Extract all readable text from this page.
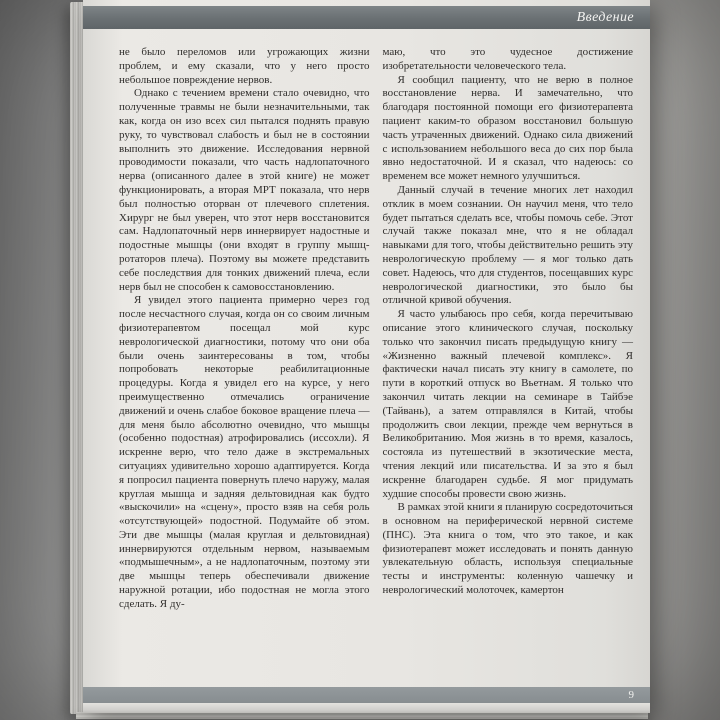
Введение

не было переломов или угрожающих жизни проблем, и ему сказали, что у него просто небольшое повреждение нервов.

Однако с течением времени стало очевидно, что полученные травмы не были незначительными, так как, когда он изо всех сил пытался поднять правую руку, то чувствовал слабость и был не в состоянии выполнить это движение. Исследования нервной проводимости показали, что часть надлопаточного нерва (описанного далее в этой книге) не может функционировать, а вторая МРТ показала, что нерв был полностью оторван от плечевого сплетения. Хирург не был уверен, что этот нерв восстановится сам. Надлопаточный нерв иннервирует надостные и подостные мышцы (они входят в группу мышц-ротаторов плеча). Поэтому вы можете представить себе последствия для тонких движений плеча, если нерв был не способен к самовосстановлению.

Я увидел этого пациента примерно через год после несчастного случая, когда он со своим личным физиотерапевтом посещал мой курс неврологической диагностики, потому что они оба были очень заинтересованы в том, чтобы попробовать некоторые реабилитационные процедуры. Когда я увидел его на курсе, у него преимущественно отмечались ограничение движений и очень слабое боковое вращение плеча — для меня было абсолютно очевидно, что мышцы (особенно подостная) атрофировались (иссохли). Я искренне верю, что тело даже в экстремальных ситуациях удивительно хорошо адаптируется. Когда я попросил пациента повернуть плечо наружу, малая круглая мышца и задняя дельтовидная как будто «выскочили» на «сцену», просто взяв на себя роль «отсутствующей» подостной. Подумайте об этом. Эти две мышцы (малая круглая и дельтовидная) иннервируются отдельным нервом, называемым «подмышечным», а не надлопаточным, поэтому эти две мышцы теперь обеспечивали движение наружной ротации, ибо подостная не могла этого сделать. Я ду-

маю, что это чудесное достижение изобретательности человеческого тела.

Я сообщил пациенту, что не верю в полное восстановление нерва. И замечательно, что благодаря постоянной помощи его физиотерапевта пациент каким-то образом восстановил большую часть утраченных движений. Однако сила движений с использованием небольшого веса до сих пор была явно недостаточной. И я сказал, что надеюсь: со временем все может немного улучшиться.

Данный случай в течение многих лет находил отклик в моем сознании. Он научил меня, что тело будет пытаться сделать все, чтобы помочь себе. Этот случай также показал мне, что я не обладал навыками для того, чтобы действительно решить эту неврологическую проблему — я мог только дать совет. Надеюсь, что для студентов, посещавших курс неврологической диагностики, это было бы отличной кривой обучения.

Я часто улыбаюсь про себя, когда перечитываю описание этого клинического случая, поскольку только что закончил писать предыдущую книгу — «Жизненно важный плечевой комплекс». Я фактически начал писать эту книгу в самолете, по пути в короткий отпуск во Вьетнам. Я только что закончил читать лекции на семинаре в Тайбэе (Тайвань), а затем отправлялся в Китай, чтобы продолжить свои лекции, прежде чем вернуться в Великобританию. Моя жизнь в то время, казалось, состояла из путешествий в экзотические места, чтения лекций или писательства. И за это я был искренне благодарен судьбе. Я мог придумать худшие способы провести свою жизнь.

В рамках этой книги я планирую сосредоточиться в основном на периферической нервной системе (ПНС). Эта книга о том, что это такое, и как физиотерапевт может исследовать и понять данную увлекательную область, используя специальные тесты и инструменты: коленную чашечку и неврологический молоточек, камертон

9
